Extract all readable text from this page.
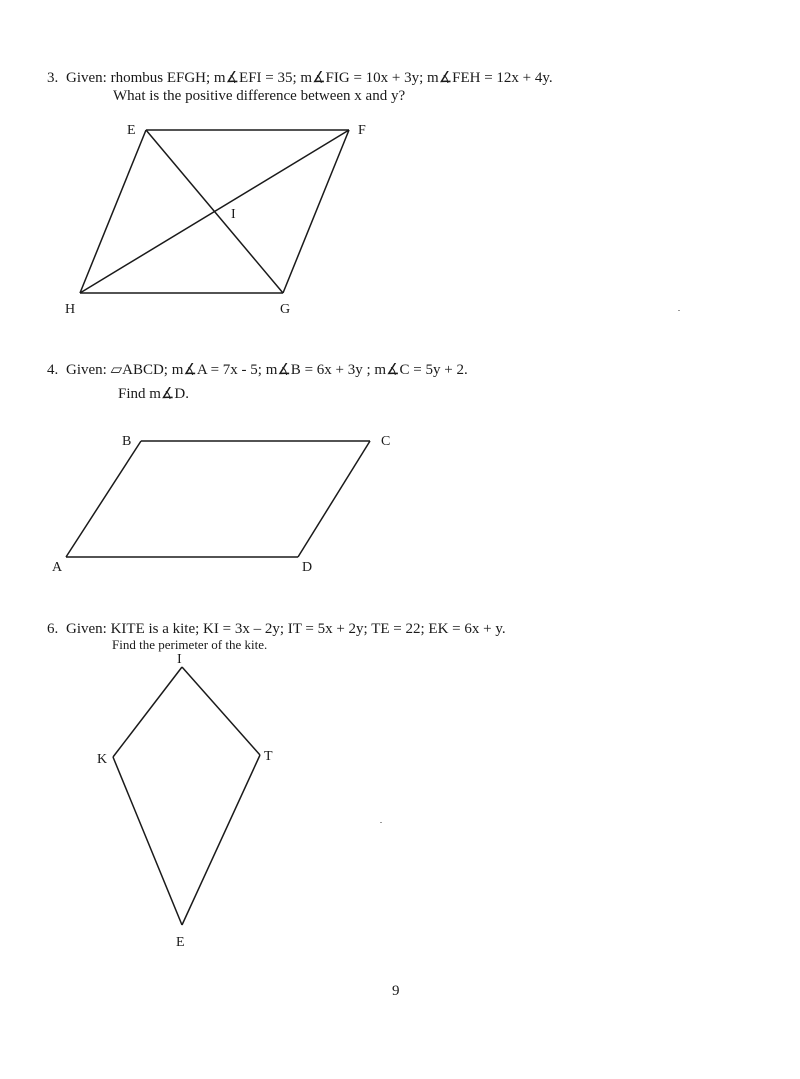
3. Given: rhombus EFGH; m∡EFI = 35; m∡FIG = 10x + 3y; m∡FEH = 12x + 4y.
What is the positive difference between x and y?
4. Given: ▱ABCD; m∡A = 7x - 5; m∡B = 6x + 3y ; m∡C = 5y + 2.
Find m∡D.
6. Given: KITE is a kite; KI = 3x – 2y; IT = 5x + 2y; TE = 22; EK = 6x + y.
Find the perimeter of the kite.
E	F
I
H	G
B	C
A	D
I
K	T
E
9
